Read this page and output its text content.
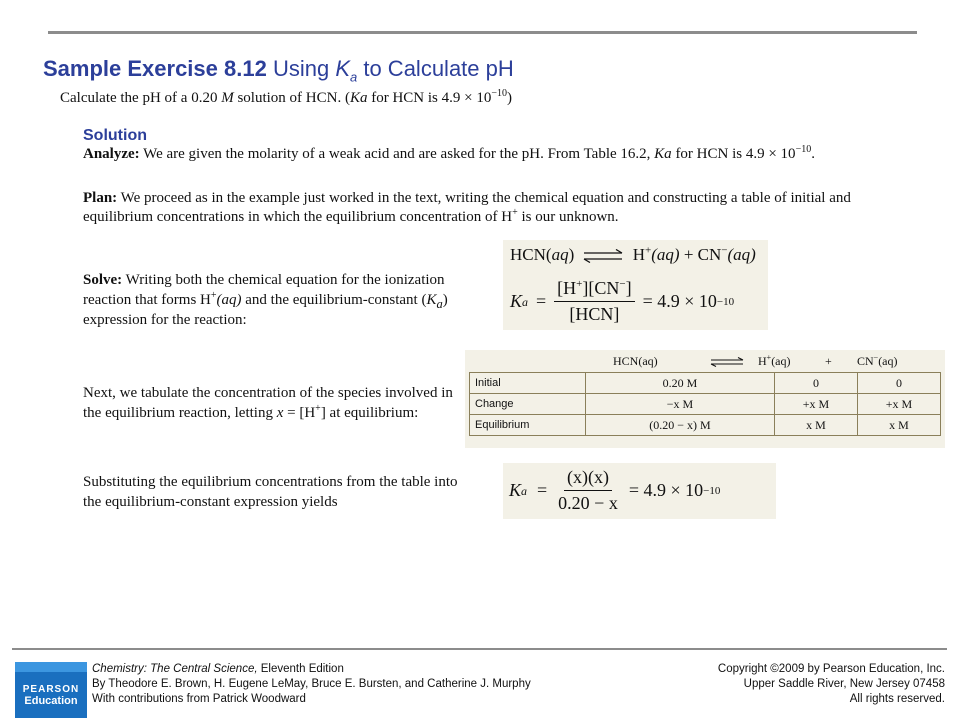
Sample Exercise 8.12 Using $K_a$ to Calculate pH
Calculate the pH of a 0.20 M solution of HCN. (Ka for HCN is $4.9 \times 10^{-10}$)
Solution
Analyze: We are given the molarity of a weak acid and are asked for the pH. From Table 16.2, Ka for HCN is $4.9 \times 10^{-10}$.
Plan: We proceed as in the example just worked in the text, writing the chemical equation and constructing a table of initial and equilibrium concentrations in which the equilibrium concentration of H+ is our unknown.
Solve: Writing both the chemical equation for the ionization reaction that forms H+(aq) and the equilibrium-constant $(K_a)$ expression for the reaction:
Next, we tabulate the concentration of the species involved in the equilibrium reaction, letting x = [H+] at equilibrium:
Substituting the equilibrium concentrations from the table into the equilibrium-constant expression yields
HCN(aq) ⇌ H+(aq) + CN−(aq)
K $a = \frac{[H^+][CN^-]}{\text{[HCN]}} = 4.9 \times 10 -10$
HCN(aq)	H+(aq)	+ CN−(aq)
Initial	0.20 M	0	0
Change	−x M	+x M	+x M
Equilibrium	(0.20 − x) M	x M	x M
K $a = \frac{(x)(x)}{0.20 - x} = 4.9 \times 10 -10$
PEARSON
Education
Chemistry: The Central Science, Eleventh Edition
By Theodore E. Brown, H. Eugene LeMay, Bruce E. Bursten, and Catherine J. Murphy
With contributions from Patrick Woodward
Copyright ©2009 by Pearson Education, Inc.
Upper Saddle River, New Jersey 07458
All rights reserved.
